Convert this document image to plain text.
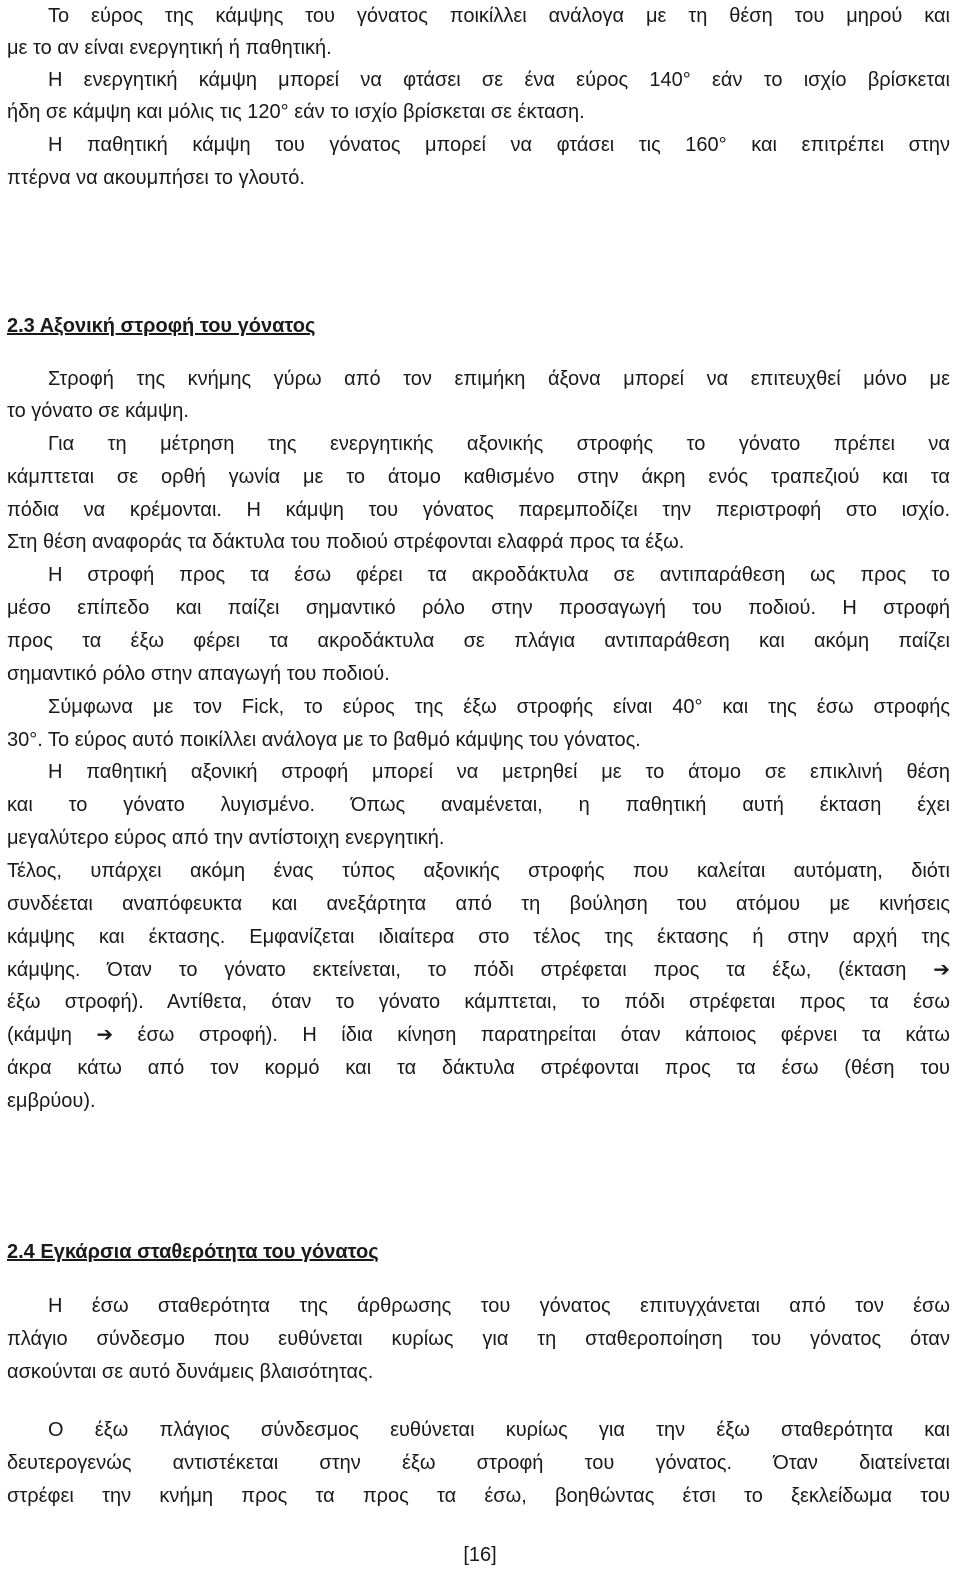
Το εύρος της κάμψης του γόνατος ποικίλλει ανάλογα με τη θέση του μηρού και
με το αν είναι ενεργητική ή παθητική.
Η ενεργητική κάμψη μπορεί να φτάσει σε ένα εύρος 140° εάν το ισχίο βρίσκεται
ήδη σε κάμψη και μόλις τις 120° εάν το ισχίο βρίσκεται σε έκταση.
Η παθητική κάμψη του γόνατος μπορεί να φτάσει τις 160° και επιτρέπει στην
πτέρνα να ακουμπήσει το γλουτό.
2.3 Αξονική στροφή του γόνατος
Στροφή της κνήμης γύρω από τον επιμήκη άξονα μπορεί να επιτευχθεί μόνο με
το γόνατο σε κάμψη.
Για τη μέτρηση της ενεργητικής αξονικής στροφής το γόνατο πρέπει να
κάμπτεται σε ορθή γωνία με το άτομο καθισμένο στην άκρη ενός τραπεζιού και τα
πόδια να κρέμονται. Η κάμψη του γόνατος παρεμποδίζει την περιστροφή στο ισχίο.
Στη θέση αναφοράς τα δάκτυλα του ποδιού στρέφονται ελαφρά προς τα έξω.
Η στροφή προς τα έσω φέρει τα ακροδάκτυλα σε αντιπαράθεση ως προς το
μέσο επίπεδο και παίζει σημαντικό ρόλο στην προσαγωγή του ποδιού. Η στροφή
προς τα έξω φέρει τα ακροδάκτυλα σε πλάγια αντιπαράθεση και ακόμη παίζει
σημαντικό ρόλο στην απαγωγή του ποδιού.
Σύμφωνα με τον Fick, το εύρος της έξω στροφής είναι 40° και της έσω στροφής
30°. Το εύρος αυτό ποικίλλει ανάλογα με το βαθμό κάμψης του γόνατος.
Η παθητική αξονική στροφή μπορεί να μετρηθεί με το άτομο σε επικλινή θέση
και το γόνατο λυγισμένο. Όπως αναμένεται, η παθητική αυτή έκταση έχει
μεγαλύτερο εύρος από την αντίστοιχη ενεργητική.
Τέλος, υπάρχει ακόμη ένας τύπος αξονικής στροφής που καλείται αυτόματη, διότι
συνδέεται αναπόφευκτα και ανεξάρτητα από τη βούληση του ατόμου με κινήσεις
κάμψης και έκτασης. Εμφανίζεται ιδιαίτερα στο τέλος της έκτασης ή στην αρχή της
κάμψης. Όταν το γόνατο εκτείνεται, το πόδι στρέφεται προς τα έξω, (έκταση ➔
έξω στροφή). Αντίθετα, όταν το γόνατο κάμπτεται, το πόδι στρέφεται προς τα έσω
(κάμψη ➔ έσω στροφή). Η ίδια κίνηση παρατηρείται όταν κάποιος φέρνει τα κάτω
άκρα κάτω από τον κορμό και τα δάκτυλα στρέφονται προς τα έσω (θέση του
εμβρύου).
2.4 Εγκάρσια σταθερότητα του γόνατος
Η έσω σταθερότητα της άρθρωσης του γόνατος επιτυγχάνεται από τον έσω
πλάγιο σύνδεσμο που ευθύνεται κυρίως για τη σταθεροποίηση του γόνατος όταν
ασκούνται σε αυτό δυνάμεις βλαισότητας.
Ο έξω πλάγιος σύνδεσμος ευθύνεται κυρίως για την έξω σταθερότητα και
δευτερογενώς αντιστέκεται στην έξω στροφή του γόνατος. Όταν διατείνεται
στρέφει την κνήμη προς τα προς τα έσω, βοηθώντας έτσι το ξεκλείδωμα του
[16]
